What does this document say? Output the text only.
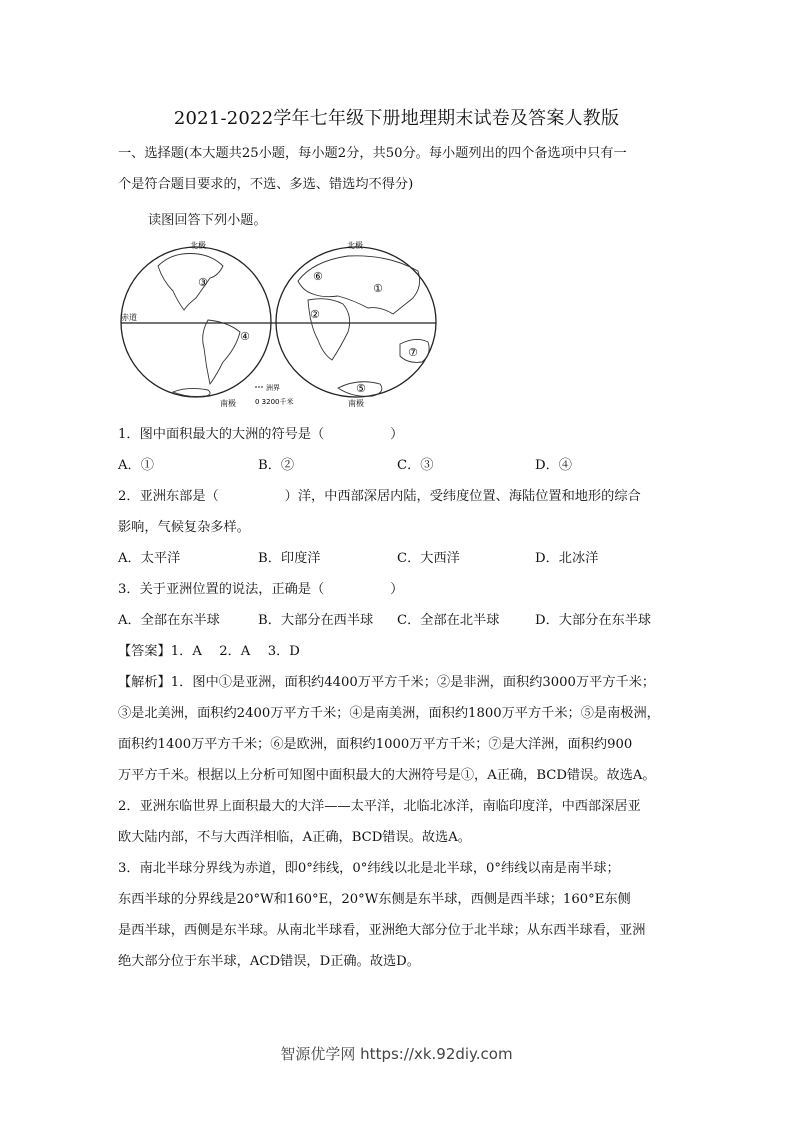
2021-2022学年七年级下册地理期末试卷及答案人教版
一、选择题(本大题共25小题，每小题2分，共50分。每小题列出的四个备选项中只有一
个是符合题目要求的，不选、多选、错选均不得分)
读图回答下列小题。
北极	北极
南极	南极
赤道
③
④
②
①
⑥
⑦
⑤
洲界
0 3200千米
1．图中面积最大的大洲的符号是（　　　　　）
A．①	B．②	C．③	D．④
2．亚洲东部是（　　　　　）洋，中西部深居内陆，受纬度位置、海陆位置和地形的综合
影响，气候复杂多样。
A．太平洋	B．印度洋	C．大西洋	D．北冰洋
3．关于亚洲位置的说法，正确是（　　　　　）
A．全部在东半球	B．大部分在西半球 C．全部在北半球	D．大部分在东半球
【答案】1．A　 2．A　 3．D
【解析】1．图中①是亚洲，面积约4400万平方千米；②是非洲，面积约3000万平方千米；
③是北美洲，面积约2400万平方千米；④是南美洲，面积约1800万平方千米；⑤是南极洲，
面积约1400万平方千米；⑥是欧洲，面积约1000万平方千米；⑦是大洋洲，面积约900
万平方千米。根据以上分析可知图中面积最大的大洲符号是①，A正确，BCD错误。故选A。
2．亚洲东临世界上面积最大的大洋——太平洋，北临北冰洋，南临印度洋，中西部深居亚
欧大陆内部，不与大西洋相临，A正确，BCD错误。故选A。
3．南北半球分界线为赤道，即0°纬线，0°纬线以北是北半球，0°纬线以南是南半球；
东西半球的分界线是20°W和160°E，20°W东侧是东半球，西侧是西半球；160°E东侧
是西半球，西侧是东半球。从南北半球看，亚洲绝大部分位于北半球；从东西半球看，亚洲
绝大部分位于东半球，ACD错误，D正确。故选D。
智源优学网 https://xk.92diy.com
